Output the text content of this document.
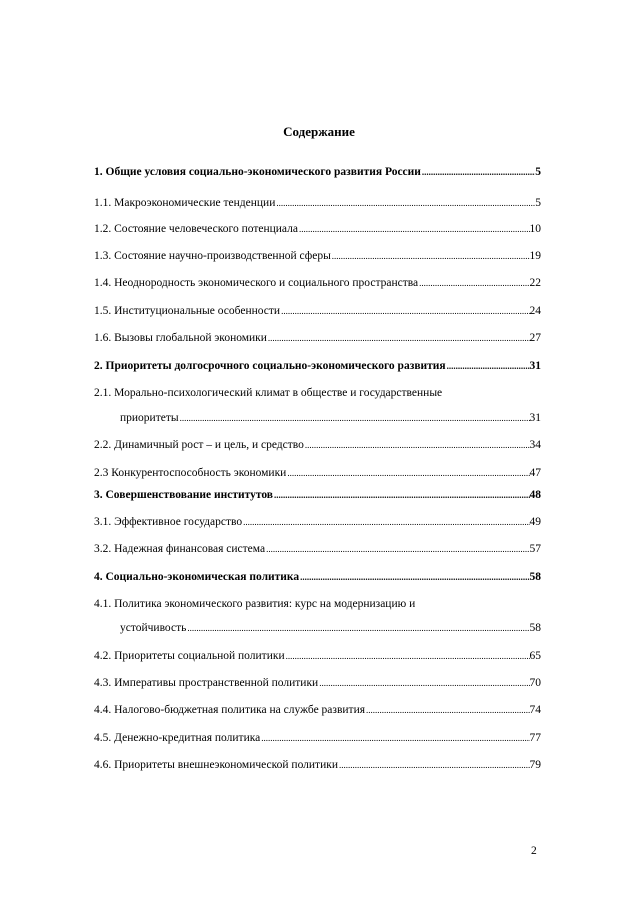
Содержание
1. Общие условия социально-экономического развития России .....	5
1.1. Макроэкономические тенденции .....	5
1.2. Состояние человеческого потенциала .....	10
1.3. Состояние научно-производственной сферы .....	19
1.4. Неоднородность экономического и социального пространства .....	22
1.5. Институциональные особенности .....	24
1.6. Вызовы глобальной экономики .....	27
2. Приоритеты долгосрочного социально-экономического развития .....	31
2.1. Морально-психологический климат в обществе и государственные
приоритеты .....	31
2.2. Динамичный рост – и цель, и средство .....	34
2.3 Конкурентоспособность экономики .....	47
3. Совершенствование институтов .....	48
3.1. Эффективное государство .....	49
3.2. Надежная финансовая система .....	57
4. Социально-экономическая политика .....	58
4.1. Политика экономического развития: курс на модернизацию и
устойчивость .....	58
4.2. Приоритеты социальной политики .....	65
4.3. Императивы пространственной политики .....	70
4.4. Налогово-бюджетная политика на службе развития .....	74
4.5. Денежно-кредитная политика .....	77
4.6. Приоритеты внешнеэкономической политики .....	79
2
